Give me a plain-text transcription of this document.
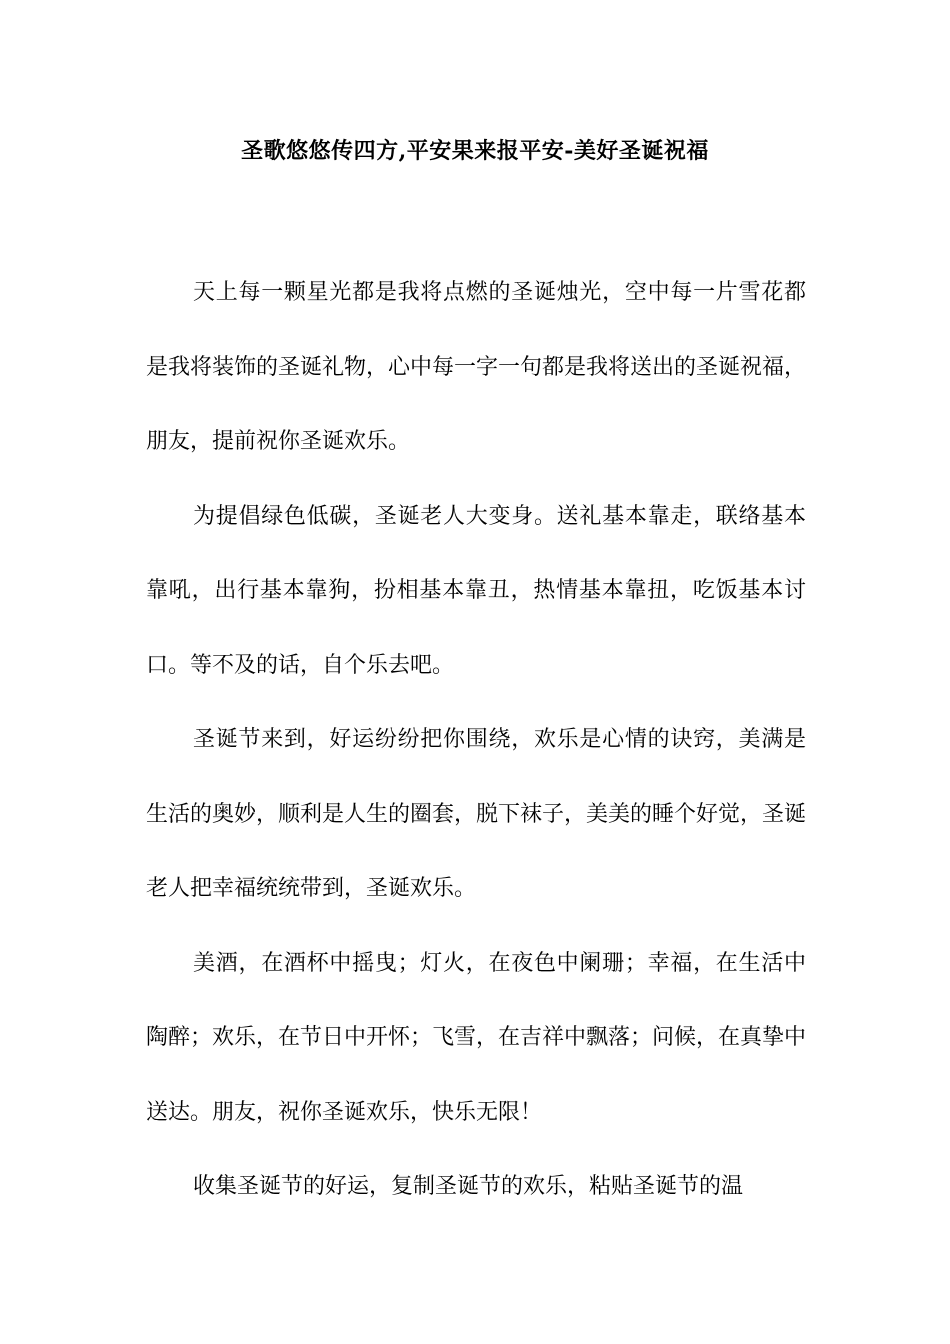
圣歌悠悠传四方,平安果来报平安-美好圣诞祝福

天上每一颗星光都是我将点燃的圣诞烛光，空中每一片雪花都是我将装饰的圣诞礼物，心中每一字一句都是我将送出的圣诞祝福，朋友，提前祝你圣诞欢乐。

为提倡绿色低碳，圣诞老人大变身。送礼基本靠走，联络基本靠吼，出行基本靠狗，扮相基本靠丑，热情基本靠扭，吃饭基本讨口。等不及的话，自个乐去吧。

圣诞节来到，好运纷纷把你围绕，欢乐是心情的诀窍，美满是生活的奥妙，顺利是人生的圈套，脱下袜子，美美的睡个好觉，圣诞老人把幸福统统带到，圣诞欢乐。

美酒，在酒杯中摇曳；灯火，在夜色中阑珊；幸福，在生活中陶醉；欢乐，在节日中开怀；飞雪，在吉祥中飘落；问候，在真挚中送达。朋友，祝你圣诞欢乐，快乐无限！

收集圣诞节的好运，复制圣诞节的欢乐，粘贴圣诞节的温
